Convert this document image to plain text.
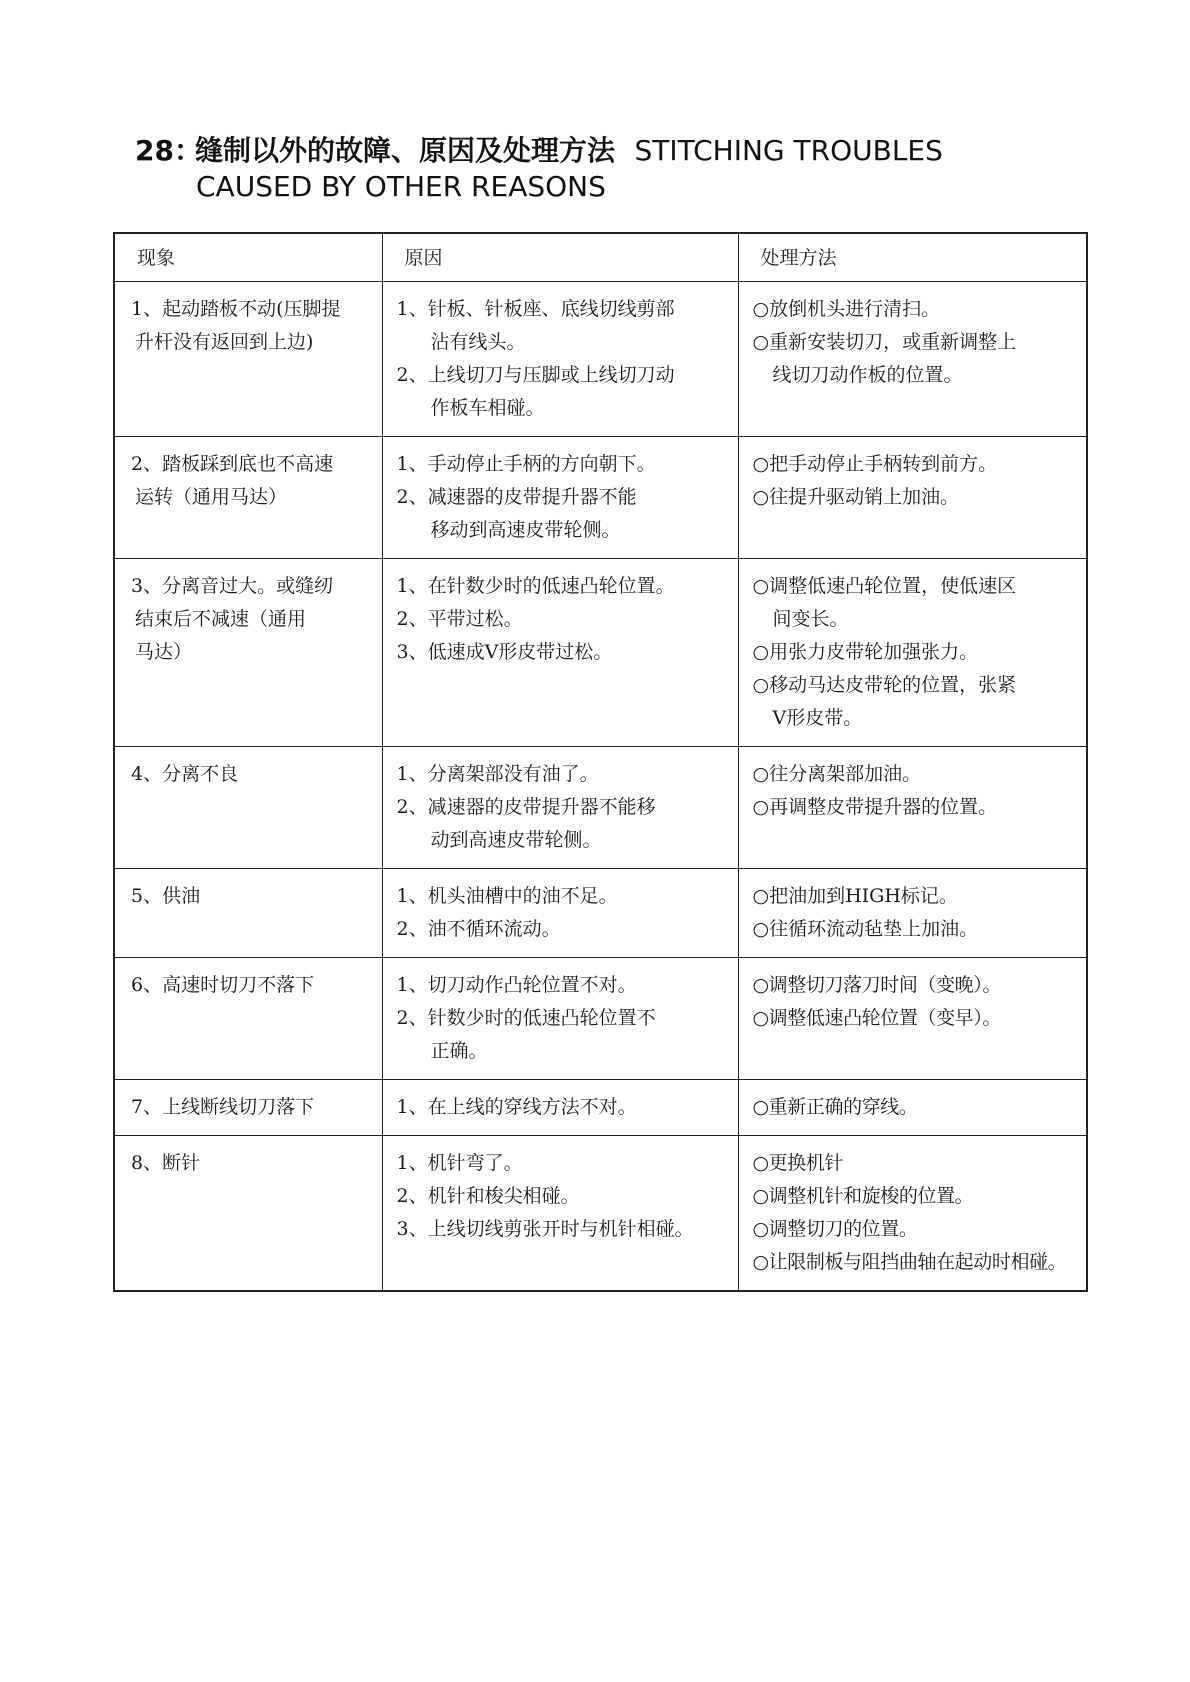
28：缝制以外的故障、原因及处理方法 STITCHING TROUBLES
CAUSED BY OTHER REASONS
现象	原因	处理方法

1、起动踏板不动(压脚提
升杆没有返回到上边)	1、针板、针板座、底线切线剪部
沾有线头。
2、上线切刀与压脚或上线切刀动
作板车相碰。	○放倒机头进行清扫。
○重新安装切刀，或重新调整上
线切刀动作板的位置。

2、踏板踩到底也不高速
运转（通用马达）	1、手动停止手柄的方向朝下。
2、减速器的皮带提升器不能
移动到高速皮带轮侧。	○把手动停止手柄转到前方。
○往提升驱动销上加油。

3、分离音过大。或缝纫
结束后不减速（通用
马达）	1、在针数少时的低速凸轮位置。
2、平带过松。
3、低速成V形皮带过松。	○调整低速凸轮位置，使低速区
间变长。
○用张力皮带轮加强张力。
○移动马达皮带轮的位置，张紧
V形皮带。

4、分离不良	1、分离架部没有油了。
2、减速器的皮带提升器不能移
动到高速皮带轮侧。	○往分离架部加油。
○再调整皮带提升器的位置。

5、供油	1、机头油槽中的油不足。
2、油不循环流动。	○把油加到HIGH标记。
○往循环流动毡垫上加油。

6、高速时切刀不落下	1、切刀动作凸轮位置不对。
2、针数少时的低速凸轮位置不
正确。	○调整切刀落刀时间（变晚）。
○调整低速凸轮位置（变早）。

7、上线断线切刀落下	1、在上线的穿线方法不对。	○重新正确的穿线。

8、断针	1、机针弯了。
2、机针和梭尖相碰。
3、上线切线剪张开时与机针相碰。	○更换机针
○调整机针和旋梭的位置。
○调整切刀的位置。
○让限制板与阻挡曲轴在起动时相碰。
